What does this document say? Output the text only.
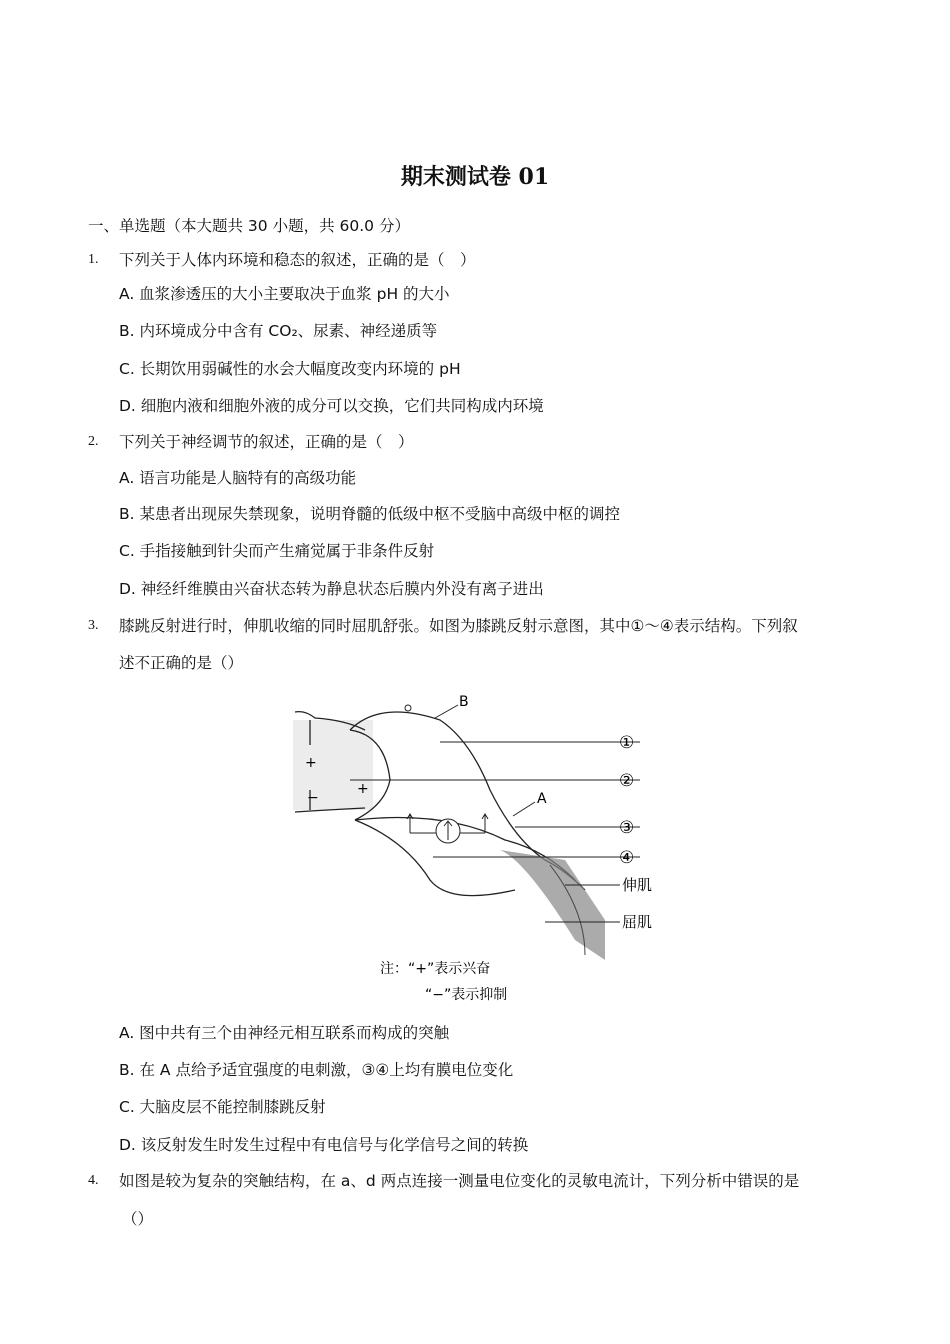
期末测试卷 01
一、单选题（本大题共 30 小题，共 60.0 分）
1. 下列关于人体内环境和稳态的叙述，正确的是（　）
A. 血浆渗透压的大小主要取决于血浆 pH 的大小
B. 内环境成分中含有 CO₂、尿素、神经递质等
C. 长期饮用弱碱性的水会大幅度改变内环境的 pH
D. 细胞内液和细胞外液的成分可以交换，它们共同构成内环境
2. 下列关于神经调节的叙述，正确的是（　）
A. 语言功能是人脑特有的高级功能
B. 某患者出现尿失禁现象，说明脊髓的低级中枢不受脑中高级中枢的调控
C. 手指接触到针尖而产生痛觉属于非条件反射
D. 神经纤维膜由兴奋状态转为静息状态后膜内外没有离子进出
3. 膝跳反射进行时，伸肌收缩的同时屈肌舒张。如图为膝跳反射示意图，其中①～④表示结构。下列叙
述不正确的是（）
B
A
+
+
−
①
②
③
④
伸肌
屈肌
注：“+”表示兴奋
“−”表示抑制
A. 图中共有三个由神经元相互联系而构成的突触
B. 在 A 点给予适宜强度的电刺激，③④上均有膜电位变化
C. 大脑皮层不能控制膝跳反射
D. 该反射发生时发生过程中有电信号与化学信号之间的转换
4. 如图是较为复杂的突触结构，在 a、d 两点连接一测量电位变化的灵敏电流计，下列分析中错误的是
（）
